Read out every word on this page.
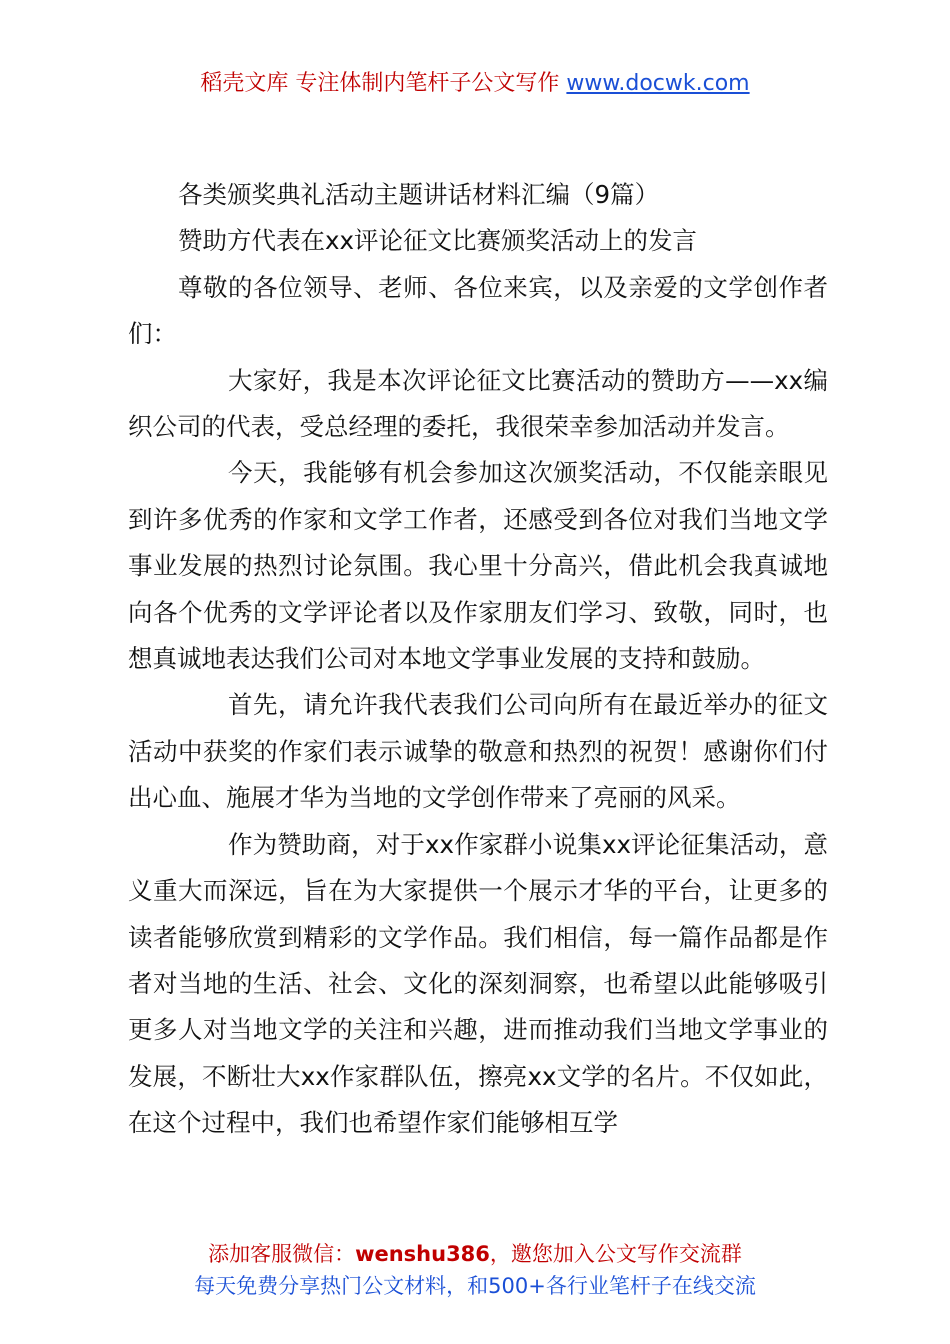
稻壳文库 专注体制内笔杆子公文写作 www.docwk.com

各类颁奖典礼活动主题讲话材料汇编（9篇）

赞助方代表在xx评论征文比赛颁奖活动上的发言

尊敬的各位领导、老师、各位来宾，以及亲爱的文学创作者们：

大家好，我是本次评论征文比赛活动的赞助方——xx编织公司的代表，受总经理的委托，我很荣幸参加活动并发言。

今天，我能够有机会参加这次颁奖活动，不仅能亲眼见到许多优秀的作家和文学工作者，还感受到各位对我们当地文学事业发展的热烈讨论氛围。我心里十分高兴，借此机会我真诚地向各个优秀的文学评论者以及作家朋友们学习、致敬，同时，也想真诚地表达我们公司对本地文学事业发展的支持和鼓励。

首先，请允许我代表我们公司向所有在最近举办的征文活动中获奖的作家们表示诚挚的敬意和热烈的祝贺！感谢你们付出心血、施展才华为当地的文学创作带来了亮丽的风采。

作为赞助商，对于xx作家群小说集xx评论征集活动，意义重大而深远，旨在为大家提供一个展示才华的平台，让更多的读者能够欣赏到精彩的文学作品。我们相信，每一篇作品都是作者对当地的生活、社会、文化的深刻洞察，也希望以此能够吸引更多人对当地文学的关注和兴趣，进而推动我们当地文学事业的发展，不断壮大xx作家群队伍，擦亮xx文学的名片。不仅如此，在这个过程中，我们也希望作家们能够相互学

添加客服微信：wenshu386，邀您加入公文写作交流群
每天免费分享热门公文材料，和500+各行业笔杆子在线交流
